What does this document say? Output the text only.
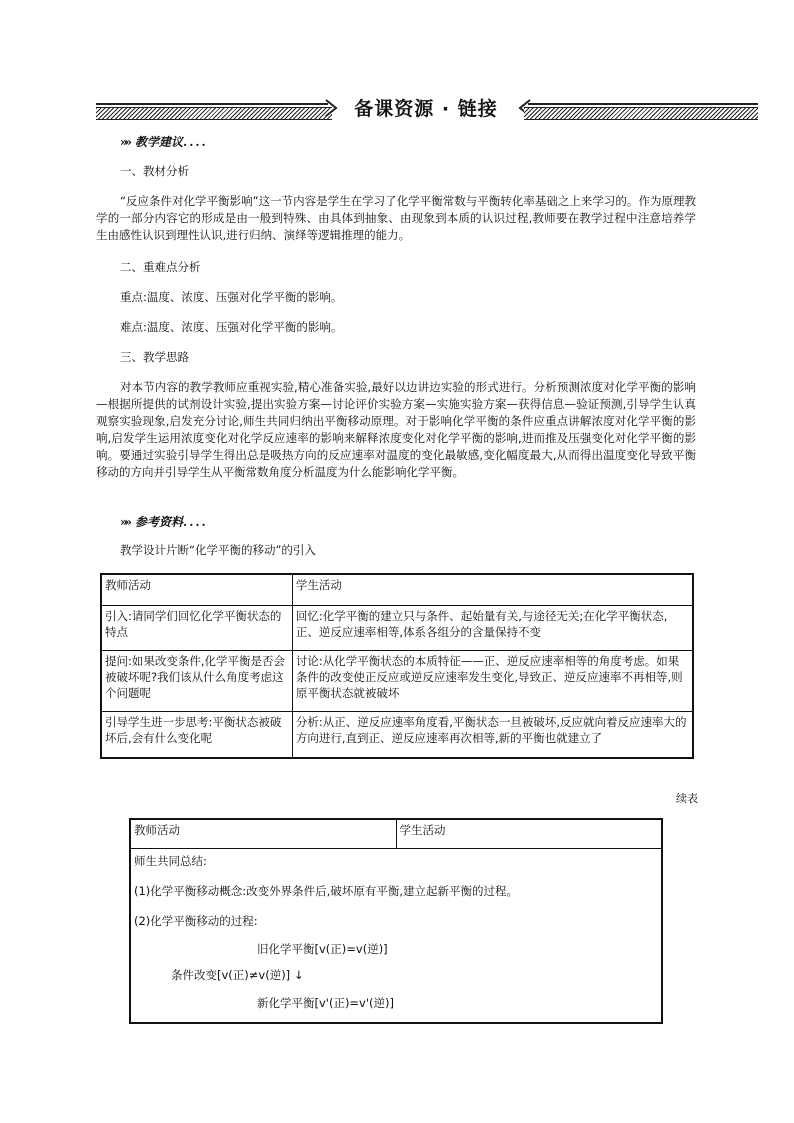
备课资源 · 链接
»» 教学建议....
一、教材分析
“反应条件对化学平衡影响”这一节内容是学生在学习了化学平衡常数与平衡转化率基础之上来学习的。作为原理教学的一部分内容它的形成是由一般到特殊、由具体到抽象、由现象到本质的认识过程,教师要在教学过程中注意培养学生由感性认识到理性认识,进行归纳、演绎等逻辑推理的能力。
二、重难点分析
重点:温度、浓度、压强对化学平衡的影响。
难点:温度、浓度、压强对化学平衡的影响。
三、教学思路
对本节内容的教学教师应重视实验,精心准备实验,最好以边讲边实验的形式进行。分析预测浓度对化学平衡的影响—根据所提供的试剂设计实验,提出实验方案—讨论评价实验方案—实施实验方案—获得信息—验证预测,引导学生认真观察实验现象,启发充分讨论,师生共同归纳出平衡移动原理。对于影响化学平衡的条件应重点讲解浓度对化学平衡的影响,启发学生运用浓度变化对化学反应速率的影响来解释浓度变化对化学平衡的影响,进而推及压强变化对化学平衡的影响。要通过实验引导学生得出总是吸热方向的反应速率对温度的变化最敏感,变化幅度最大,从而得出温度变化导致平衡移动的方向并引导学生从平衡常数角度分析温度为什么能影响化学平衡。
»» 参考资料....
教学设计片断“化学平衡的移动”的引入
教师活动	学生活动
引入:请同学们回忆化学平衡状态的特点	回忆:化学平衡的建立只与条件、起始量有关,与途径无关;在化学平衡状态,正、逆反应速率相等,体系各组分的含量保持不变
提问:如果改变条件,化学平衡是否会被破坏呢?我们该从什么角度考虑这个问题呢	讨论:从化学平衡状态的本质特征——正、逆反应速率相等的角度考虑。如果条件的改变使正反应或逆反应速率发生变化,导致正、逆反应速率不再相等,则原平衡状态就被破坏
引导学生进一步思考:平衡状态被破坏后,会有什么变化呢	分析:从正、逆反应速率角度看,平衡状态一旦被破坏,反应就向着反应速率大的方向进行,直到正、逆反应速率再次相等,新的平衡也就建立了
续表
教师活动	学生活动

师生共同总结:
(1)化学平衡移动概念:改变外界条件后,破坏原有平衡,建立起新平衡的过程。
(2)化学平衡移动的过程:
旧化学平衡[v(正)=v(逆)]
条件改变[v(正)≠v(逆)] ↓
新化学平衡[v'(正)=v'(逆)]
